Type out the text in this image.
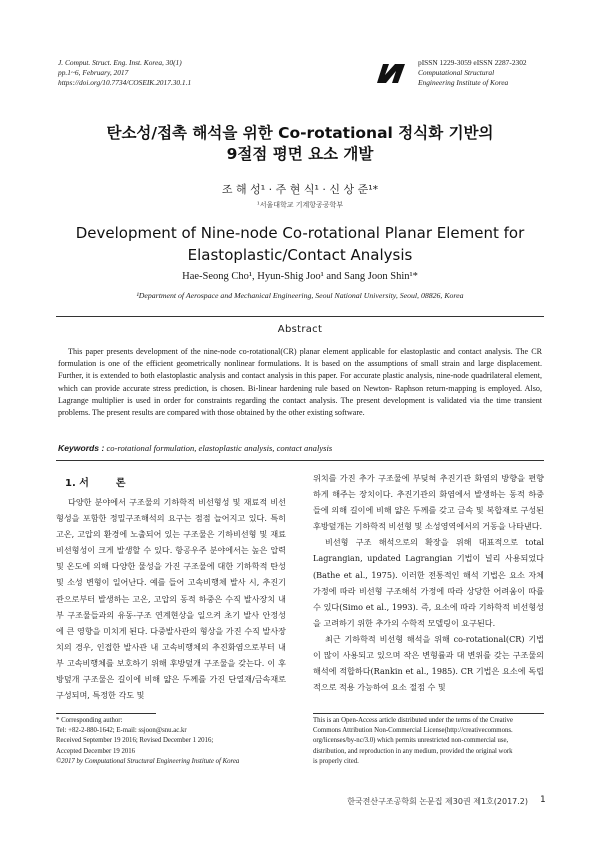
J. Comput. Struct. Eng. Inst. Korea, 30(1)
pp.1~6, February, 2017
https://doi.org/10.7734/COSEIK.2017.30.1.1
pISSN 1229-3059 eISSN 2287-2302
Computational Structural
Engineering Institute of Korea
탄소성/접촉 해석을 위한 Co-rotational 정식화 기반의
9절점 평면 요소 개발
조 해 성¹ · 주 현 식¹ · 신 상 준¹*
¹서울대학교 기계항공공학부
Development of Nine-node Co-rotational Planar Element for
Elastoplastic/Contact Analysis
Hae-Seong Cho¹, Hyun-Shig Joo¹ and Sang Joon Shin¹*
¹Department of Aerospace and Mechanical Engineering, Seoul National University, Seoul, 08826, Korea
Abstract
This paper presents development of the nine-node co-rotational(CR) planar element applicable for elastoplastic and contact analysis. The CR formulation is one of the efficient geometrically nonlinear formulations. It is based on the assumptions of small strain and large displacement. Further, it is extended to both elastoplastic analysis and contact analysis in this paper. For accurate plastic analysis, nine-node quadrilateral element, which can provide accurate stress prediction, is chosen. Bi-linear hardening rule based on Newton- Raphson return-mapping is employed. Also, Lagrange multiplier is used in order for constraints regarding the contact analysis. The present development is validated via the time transient problems. The present results are compared with those obtained by the other existing software.
Keywords : co-rotational formulation, elastoplastic analysis, contact analysis
1. 서	론

다양한 분야에서 구조물의 기하학적 비선형성 및 재료적 비선형성을 포함한 정밀구조해석의 요구는 점점 늘어지고 있다. 특히 고온, 고압의 환경에 노출되어 있는 구조물은 기하비선형 및 재료 비선형성이 크게 발생할 수 있다. 항공우주 분야에서는 높은 압력 및 온도에 의해 다양한 물성을 가진 구조물에 대한 기하학적 탄성 및 소성 변형이 일어난다. 예를 들어 고속비행체 발사 시, 추진기관으로부터 발생하는 고온, 고압의 동적 하중은 수직 발사장치 내부 구조물들과의 유동-구조 연계현상을 일으켜 초기 발사 안정성에 큰 영향을 미치게 된다. 다중발사관의 형상을 가진 수직 발사장치의 경우, 인접한 발사관 내 고속비행체의 추진화염으로부터 내부 고속비행체를 보호하기 위해 후방덮개 구조물을 갖는다. 이 후방덮개 구조물은 길이에 비해 얇은 두께를 가진 단열재/금속재로 구성되며, 특정한 각도 및

위치를 가진 추가 구조물에 부딪혀 추진기관 화염의 방향을 편향하게 해주는 장치이다. 추진기관의 화염에서 발생하는 동적 하중들에 의해 길이에 비해 얇은 두께를 갖고 금속 및 복합재로 구성된 후방덮개는 기하학적 비선형 및 소성영역에서의 거동을 나타낸다.

비선형 구조 해석으로의 확장을 위해 대표적으로 total Lagrangian, updated Lagrangian 기법이 널리 사용되었다(Bathe et al., 1975). 이러한 전통적인 해석 기법은 요소 자체 가정에 따라 비선형 구조해석 가정에 따라 상당한 어려움이 따를 수 있다(Simo et al., 1993). 즉, 요소에 따라 기하학적 비선형성을 고려하기 위한 추가의 수학적 모델링이 요구된다.

최근 기하학적 비선형 해석을 위해 co-rotational(CR) 기법이 많이 사용되고 있으며 작은 변형률과 대 변위를 갖는 구조물의 해석에 적합하다(Rankin et al., 1985). CR 기법은 요소에 독립적으로 적용 가능하여 요소 절점 수 및

* Corresponding author:
Tel: +82-2-880-1642; E-mail: ssjoon@snu.ac.kr
Received September 19 2016; Revised December 1 2016;
Accepted December 19 2016
©2017 by Computational Structural Engineering Institute of Korea
This is an Open-Access article distributed under the terms of the Creative
Commons Attribution Non-Commercial License(http://creativecommons.
org/licenses/by-nc/3.0) which permits unrestricted non-commercial use,
distribution, and reproduction in any medium, provided the original work
is properly cited.
한국전산구조공학회 논문집 제30권 제1호(2017.2) 1
